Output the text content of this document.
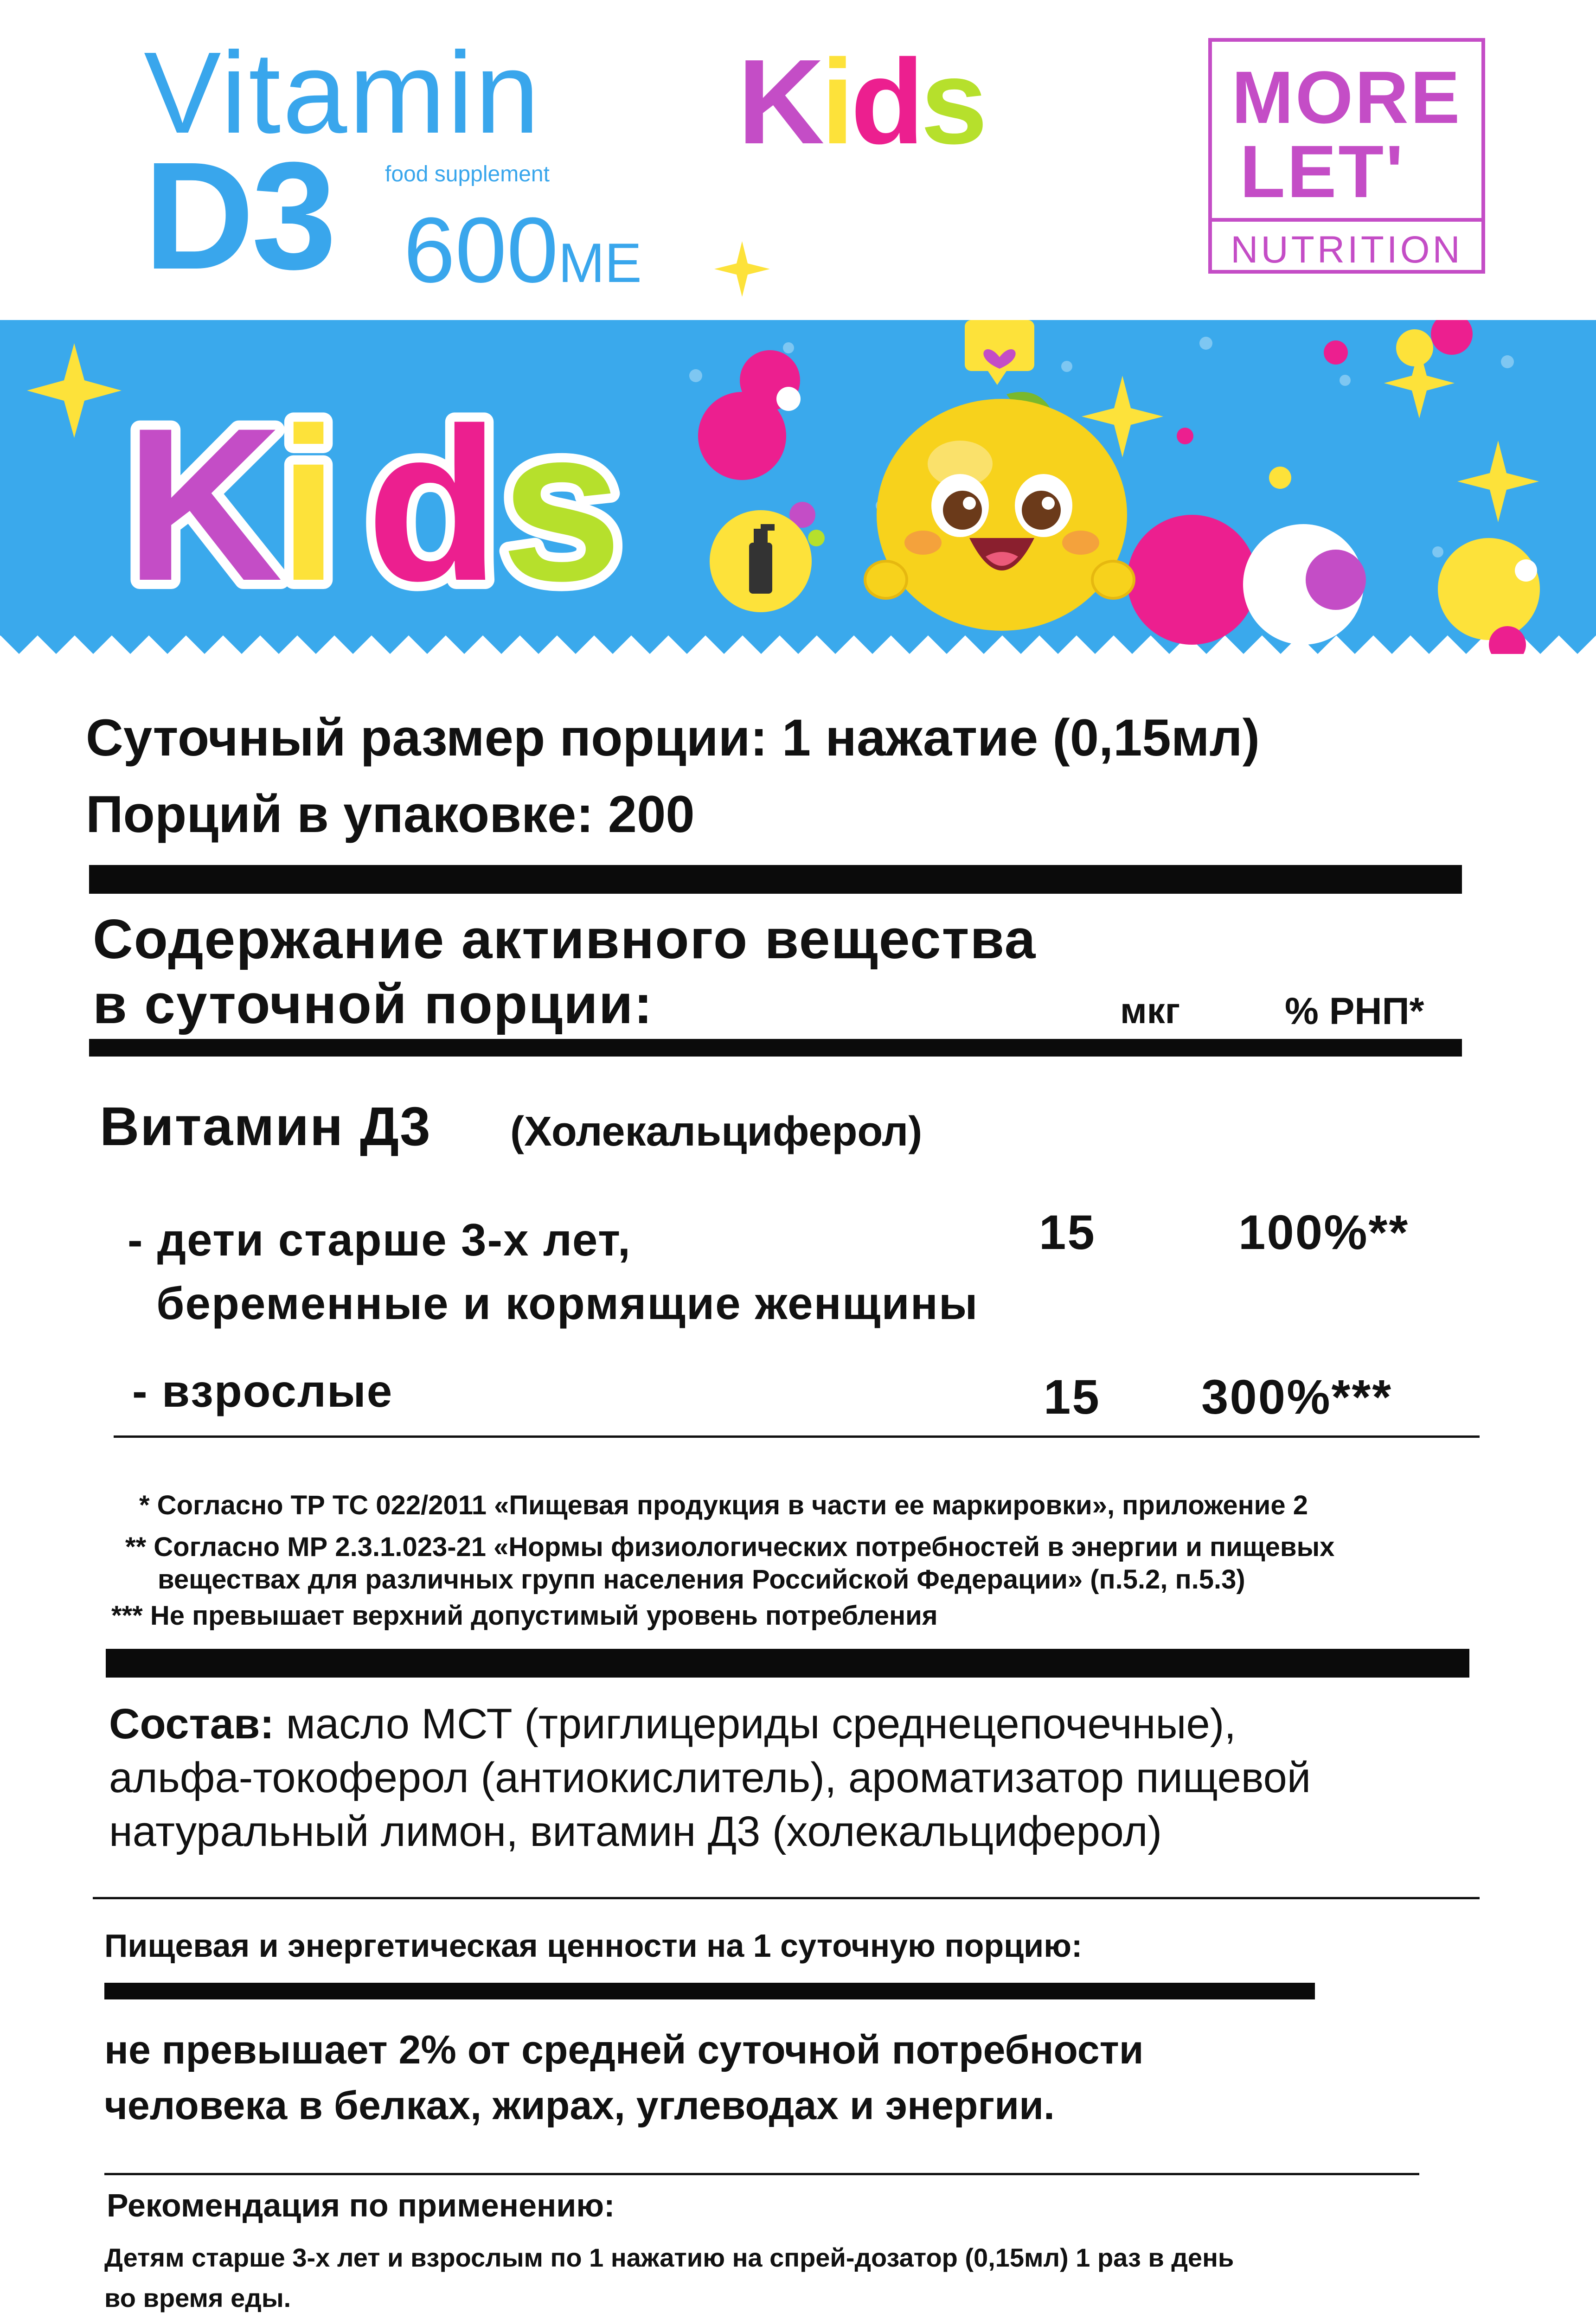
Vitamin
D3 food supplement
600ME
Kids	MORE
LET'
NUTRITION
K
i d s
Суточный размер порции: 1 нажатие (0,15мл)
Порций в упаковке: 200
Содержание активного вещества
в суточной порции:	мкг	% РНП*
Витамин Д3 (Холекальциферол)
- дети старше 3-х лет,
беременные и кормящие женщины
15	100%**
- взрослые	15 300%***
* Согласно ТР ТС 022/2011 «Пищевая продукция в части ее маркировки», приложение 2
** Согласно МР 2.3.1.023-21 «Нормы физиологических потребностей в энергии и пищевых
веществах для различных групп населения Российской Федерации» (п.5.2, п.5.3)
*** Не превышает верхний допустимый уровень потребления
Состав: масло МСТ (триглицериды среднецепочечные),
альфа-токоферол (антиокислитель), ароматизатор пищевой
натуральный лимон, витамин Д3 (холекальциферол)
Пищевая и энергетическая ценности на 1 суточную порцию:
не превышает 2% от средней суточной потребности
человека в белках, жирах, углеводах и энергии.
Рекомендация по применению:
Детям старше 3-х лет и взрослым по 1 нажатию на спрей-дозатор (0,15мл) 1 раз в день
во время еды.
